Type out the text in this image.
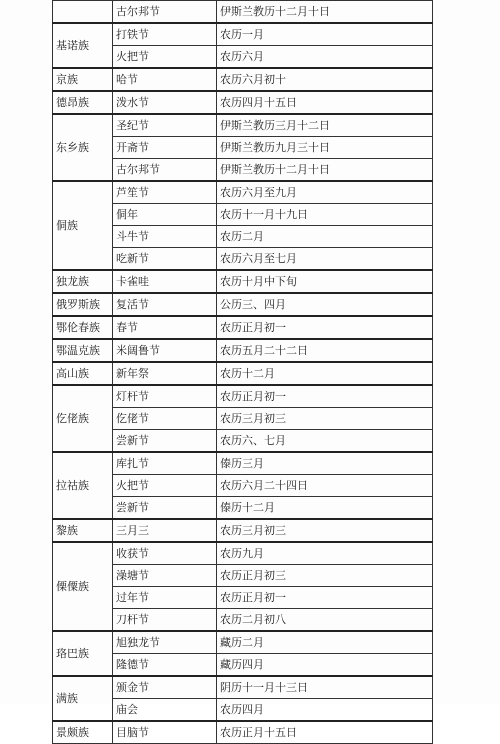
	古尔邦节	伊斯兰教历十二月十日
基诺族	打铁节	农历一月
	火把节	农历六月
京族	哈节	农历六月初十
德昂族	泼水节	农历四月十五日
东乡族	圣纪节	伊斯兰教历三月十二日
	开斋节	伊斯兰教历九月三十日
	古尔邦节	伊斯兰教历十二月十日
侗族	芦笙节	农历六月至九月
	侗年	农历十一月十九日
	斗牛节	农历二月
	吃新节	农历六月至七月
独龙族	卡雀哇	农历十月中下旬
俄罗斯族	复活节	公历三、四月
鄂伦春族	春节	农历正月初一
鄂温克族	米阔鲁节	农历五月二十二日
高山族	新年祭	农历十二月
仡佬族	灯杆节	农历正月初一
	仡佬节	农历三月初三
	尝新节	农历六、七月
拉祜族	库扎节	傣历三月
	火把节	农历六月二十四日
	尝新节	傣历十二月
黎族	三月三	农历三月初三
傈僳族	收获节	农历九月
	澡塘节	农历正月初三
	过年节	农历正月初一
	刀杆节	农历二月初八
珞巴族	旭独龙节	藏历二月
	隆德节	藏历四月
满族	颁金节	阴历十一月十三日
	庙会	农历四月
景颇族	目脑节	农历正月十五日
